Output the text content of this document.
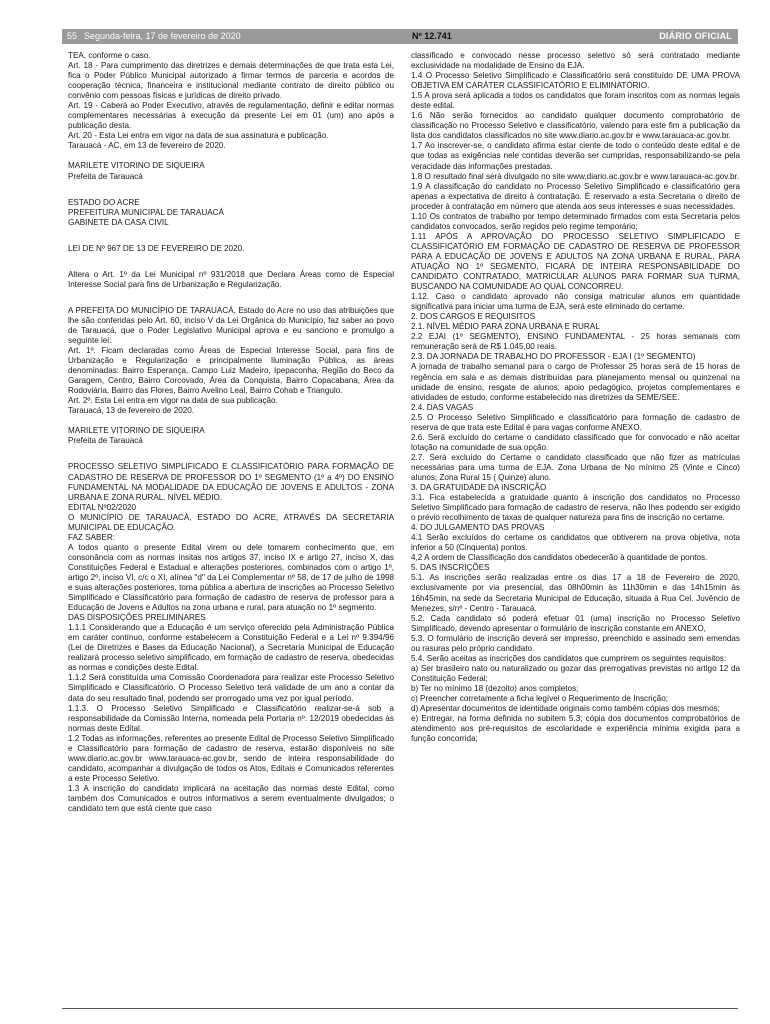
55 Segunda-feira, 17 de fevereiro de 2020	Nº 12.741	DIÁRIO OFICIAL

TEA, conforme o caso.

Art. 18 - Para cumprimento das diretrizes e demais determinações de que trata esta Lei, fica o Poder Público Municipal autorizado a firmar termos de parceria e acordos de cooperação técnica, financeira e institucional mediante contrato de direito público ou convênio com pessoas físicas e jurídicas de direito privado.

Art. 19 - Caberá ao Poder Executivo, através de regulamentação, definir e editar normas complementares necessárias à execução da presente Lei em 01 (um) ano após a publicação desta.

Art. 20 - Esta Lei entra em vigor na data de sua assinatura e publicação.

Tarauacá - AC, em 13 de fevereiro de 2020.

MARILETE VITORINO DE SIQUEIRA

Prefeita de Tarauacá

ESTADO DO ACRE

PREFEITURA MUNICIPAL DE TARAUACÁ

GABINETE DA CASA CIVIL

LEI DE Nº 967 DE 13 DE FEVEREIRO DE 2020.

Altera o Art. 1º da Lei Municipal nº 931/2018 que Declara Áreas como de Especial Interesse Social para fins de Urbanização e Regularização.

A PREFEITA DO MUNICÍPIO DE TARAUACÁ, Estado do Acre no uso das atribuições que lhe são conferidas pelo Art. 60, inciso V da Lei Orgânica do Município, faz saber ao povo de Tarauacá, que o Poder Legislativo Municipal aprova e eu sanciono e promulgo a seguinte lei:

Art. 1º. Ficam declaradas como Áreas de Especial Interesse Social, para fins de Urbanização e Regularização e principalmente Iluminação Pública, as áreas denominadas: Bairro Esperança, Campo Luiz Madeiro, Ipepaconha, Região do Beco da Garagem, Centro, Bairro Corcovado, Área da Conquista, Bairro Copacabana, Área da Rodoviária, Bairro das Flores, Bairro Avelino Leal, Bairro Cohab e Triangulo.

Art. 2º. Esta Lei entra em vigor na data de sua publicação.

Tarauacá, 13 de fevereiro de 2020.

MARILETE VITORINO DE SIQUEIRA

Prefeita de Tarauacá

PROCESSO SELETIVO SIMPLIFICADO E CLASSIFICATÓRIO PARA FORMAÇÃO DE CADASTRO DE RESERVA DE PROFESSOR DO 1º SEGMENTO (1º a 4º) DO ENSINO FUNDAMENTAL NA MODALIDADE DA EDUCAÇÃO DE JOVENS E ADULTOS - ZONA URBANA E ZONA RURAL. NÍVEL MÉDIO.

EDITAL Nº02/2020

O MUNICÍPIO DE TARAUACÁ, ESTADO DO ACRE, ATRAVÉS DA SECRETARIA MUNICIPAL DE EDUCAÇÃO.

FAZ SABER:

A todos quanto o presente Edital virem ou dele tomarem conhecimento que, em consonância com as normas ínsitas nos artigos 37, inciso IX e artigo 27, inciso X, das Constituições Federal e Estadual e alterações posteriores, combinados com o artigo 1º, artigo 2º, inciso VI, c/c o XI, alínea "d" da Lei Complementar nº 58, de 17 de julho de 1998 e suas alterações posteriores, torna pública a abertura de inscrições ao Processo Seletivo Simplificado e Classificatório para formação de cadastro de reserva de professor para a Educação de Jovens e Adultos na zona urbana e rural, para atuação no 1º segmento.

DAS DISPOSIÇÕES PRELIMINARES

1.1.1 Considerando que a Educação é um serviço oferecido pela Administração Pública em caráter contínuo, conforme estabelecem a Constituição Federal e a Lei nº 9.394/96 (Lei de Diretrizes e Bases da Educação Nacional), a Secretaria Municipal de Educação realizará processo seletivo simplificado, em formação de cadastro de reserva, obedecidas as normas e condições deste Edital.

1.1.2 Será constituída uma Comissão Coordenadora para realizar este Processo Seletivo Simplificado e Classificatório. O Processo Seletivo terá validade de um ano a contar da data do seu resultado final, podendo ser prorrogado uma vez por igual período.

1.1.3. O Processo Seletivo Simplificado e Classificatório realizar-se-á sob a responsabilidade da Comissão Interna, nomeada pela Portaria nº. 12/2019 obedecidas às normas deste Edital.

1.2 Todas as informações, referentes ao presente Edital de Processo Seletivo Simplificado e Classificatório para formação de cadastro de reserva, estarão disponíveis no site www.diario.ac.gov.br www.tarauaca-ac.gov.br, sendo de inteira responsabilidade do candidato, acompanhar a divulgação de todos os Atos, Editais e Comunicados referentes a este Processo Seletivo.

1.3 A inscrição do candidato implicará na aceitação das normas deste Edital, como também dos Comunicados e outros informativos a serem eventualmente divulgados; o candidato tem que está ciente que caso

classificado e convocado nesse processo seletivo só será contratado mediante exclusividade na modalidade de Ensino da EJA.

1.4 O Processo Seletivo Simplificado e Classificatório será constituído DE UMA PROVA OBJETIVA EM CARÁTER CLASSIFICATÓRIO E ELIMINATÓRIO.

1.5 A prova será aplicada a todos os candidatos que foram inscritos com as normas legais deste edital.

1.6 Não serão fornecidos ao candidato qualquer documento comprobatório de classificação no Processo Seletivo e classificatório, valendo para este fim a publicação da lista dos candidatos classificados no site www.diario.ac.gov.br e www.tarauaca-ac.gov.br.

1.7 Ao inscrever-se, o candidato afirma estar ciente de todo o conteúdo deste edital e de que todas as exigências nele contidas deverão ser cumpridas, responsabilizando-se pela veracidade das informações prestadas.

1.8 O resultado final será divulgado no site www.diario.ac.gov.br e www.tarauaca-ac.gov.br.

1.9 A classificação do candidato no Processo Seletivo Simplificado e classificatório gera apenas a expectativa de direito à contratação. É reservado a esta Secretaria o direito de proceder à contratação em número que atenda aos seus interesses e suas necessidades.

1.10 Os contratos de trabalho por tempo determinado firmados com esta Secretaria pelos candidatos convocados, serão regidos pelo regime temporário;

1.11 APÓS A APROVAÇÃO DO PROCESSO SELETIVO SIMPLIFICADO E CLASSIFICATÓRIO EM FORMAÇÃO DE CADASTRO DE RESERVA DE PROFESSOR PARA A EDUCAÇÃO DE JOVENS E ADULTOS NA ZONA URBANA E RURAL, PARA ATUAÇÃO NO 1º SEGMENTO, FICARÁ DE INTEIRA RESPONSABILIDADE DO CANDIDATO CONTRATADO, MATRICULAR ALUNOS PARA FORMAR SUA TURMA, BUSCANDO NA COMUNIDADE AO QUAL CONCORREU.

1.12. Caso o candidato aprovado não consiga matricular alunos em quantidade significativa para iniciar uma turma de EJA, será este eliminado do certame.

2. DOS CARGOS E REQUISITOS

2.1. NÍVEL MÉDIO PARA ZONA URBANA E RURAL

2.2 EJAI (1º SEGMENTO), ENSINO FUNDAMENTAL - 25 horas semanais com remuneração será de R$ 1.045,00 reais.

2.3. DA JORNADA DE TRABALHO DO PROFESSOR - EJA I (1º SEGMENTO)

A jornada de trabalho semanal para o cargo de Professor 25 horas será de 15 horas de regência em sala e as demais distribuídas para planejamento mensal ou quinzenal na unidade de ensino, resgate de alunos, apoio pedagógico, projetos complementares e atividades de estudo, conforme estabelecido nas diretrizes da SEME/SEE.

2.4. DAS VAGAS

2.5 O Processo Seletivo Simplificado e classificatório para formação de cadastro de reserva de que trata este Edital é para vagas conforme ANEXO.

2.6. Será excluído do certame o candidato classificado que for convocado e não aceitar lotação na comunidade de sua opção.

2.7. Será excluído do Certame o candidato classificado que não fizer as matrículas necessárias para uma turma de EJA. Zona Urbana de No mínimo 25 (Vinte e Cinco) alunos; Zona Rural 15 ( Quinze) aluno.

3. DA GRATUIDADE DA INSCRIÇÃO

3.1. Fica estabelecida a gratuidade quanto à inscrição dos candidatos no Processo Seletivo Simplificado para formação de cadastro de reserva, não lhes podendo ser exigido o prévio recolhimento de taxas de qualquer natureza para fins de inscrição no certame.

4. DO JULGAMENTO DAS PROVAS

4.1 Serão excluídos do certame os candidatos que obtiverem na prova objetiva, nota inferior a 50 (Cinquenta) pontos.

4,2 A ordem de Classificação dos candidatos obedecerão à quantidade de pontos.

5. DAS INSCRIÇÕES

5.1. As inscrições serão realizadas entre os dias 17 a 18 de Fevereiro de 2020, exclusivamente por via presencial, das 08h00min às 11h30min e das 14h15min às 16h45min, na sede da Secretaria Municipal de Educação, situada à Rua Cel. Juvêncio de Menezes, s/nº - Centro - Tarauacá.

5.2. Cada candidato só poderá efetuar 01 (uma) inscrição no Processo Seletivo Simplificado, devendo apresentar o formulário de inscrição constante em ANEXO,

5.3. O formulário de inscrição deverá ser impresso, preenchido e assinado sem emendas ou rasuras pelo próprio candidato.

5.4. Serão aceitas as inscrições dos candidatos que cumprirem os seguintes requisitos:

a) Ser brasileiro nato ou naturalizado ou gozar das prerrogativas previstas no artigo 12 da Constituição Federal;

b) Ter no mínimo 18 (dezoito) anos completos;

c) Preencher corretamente a ficha legível o Requerimento de Inscrição;

d) Apresentar documentos de identidade originais como também cópias dos mesmos;

e) Entregar, na forma definida no subitem 5.3; cópia dos documentos comprobatórios de atendimento aos pré-requisitos de escolaridade e experiência mínima exigida para a função concorrida;
